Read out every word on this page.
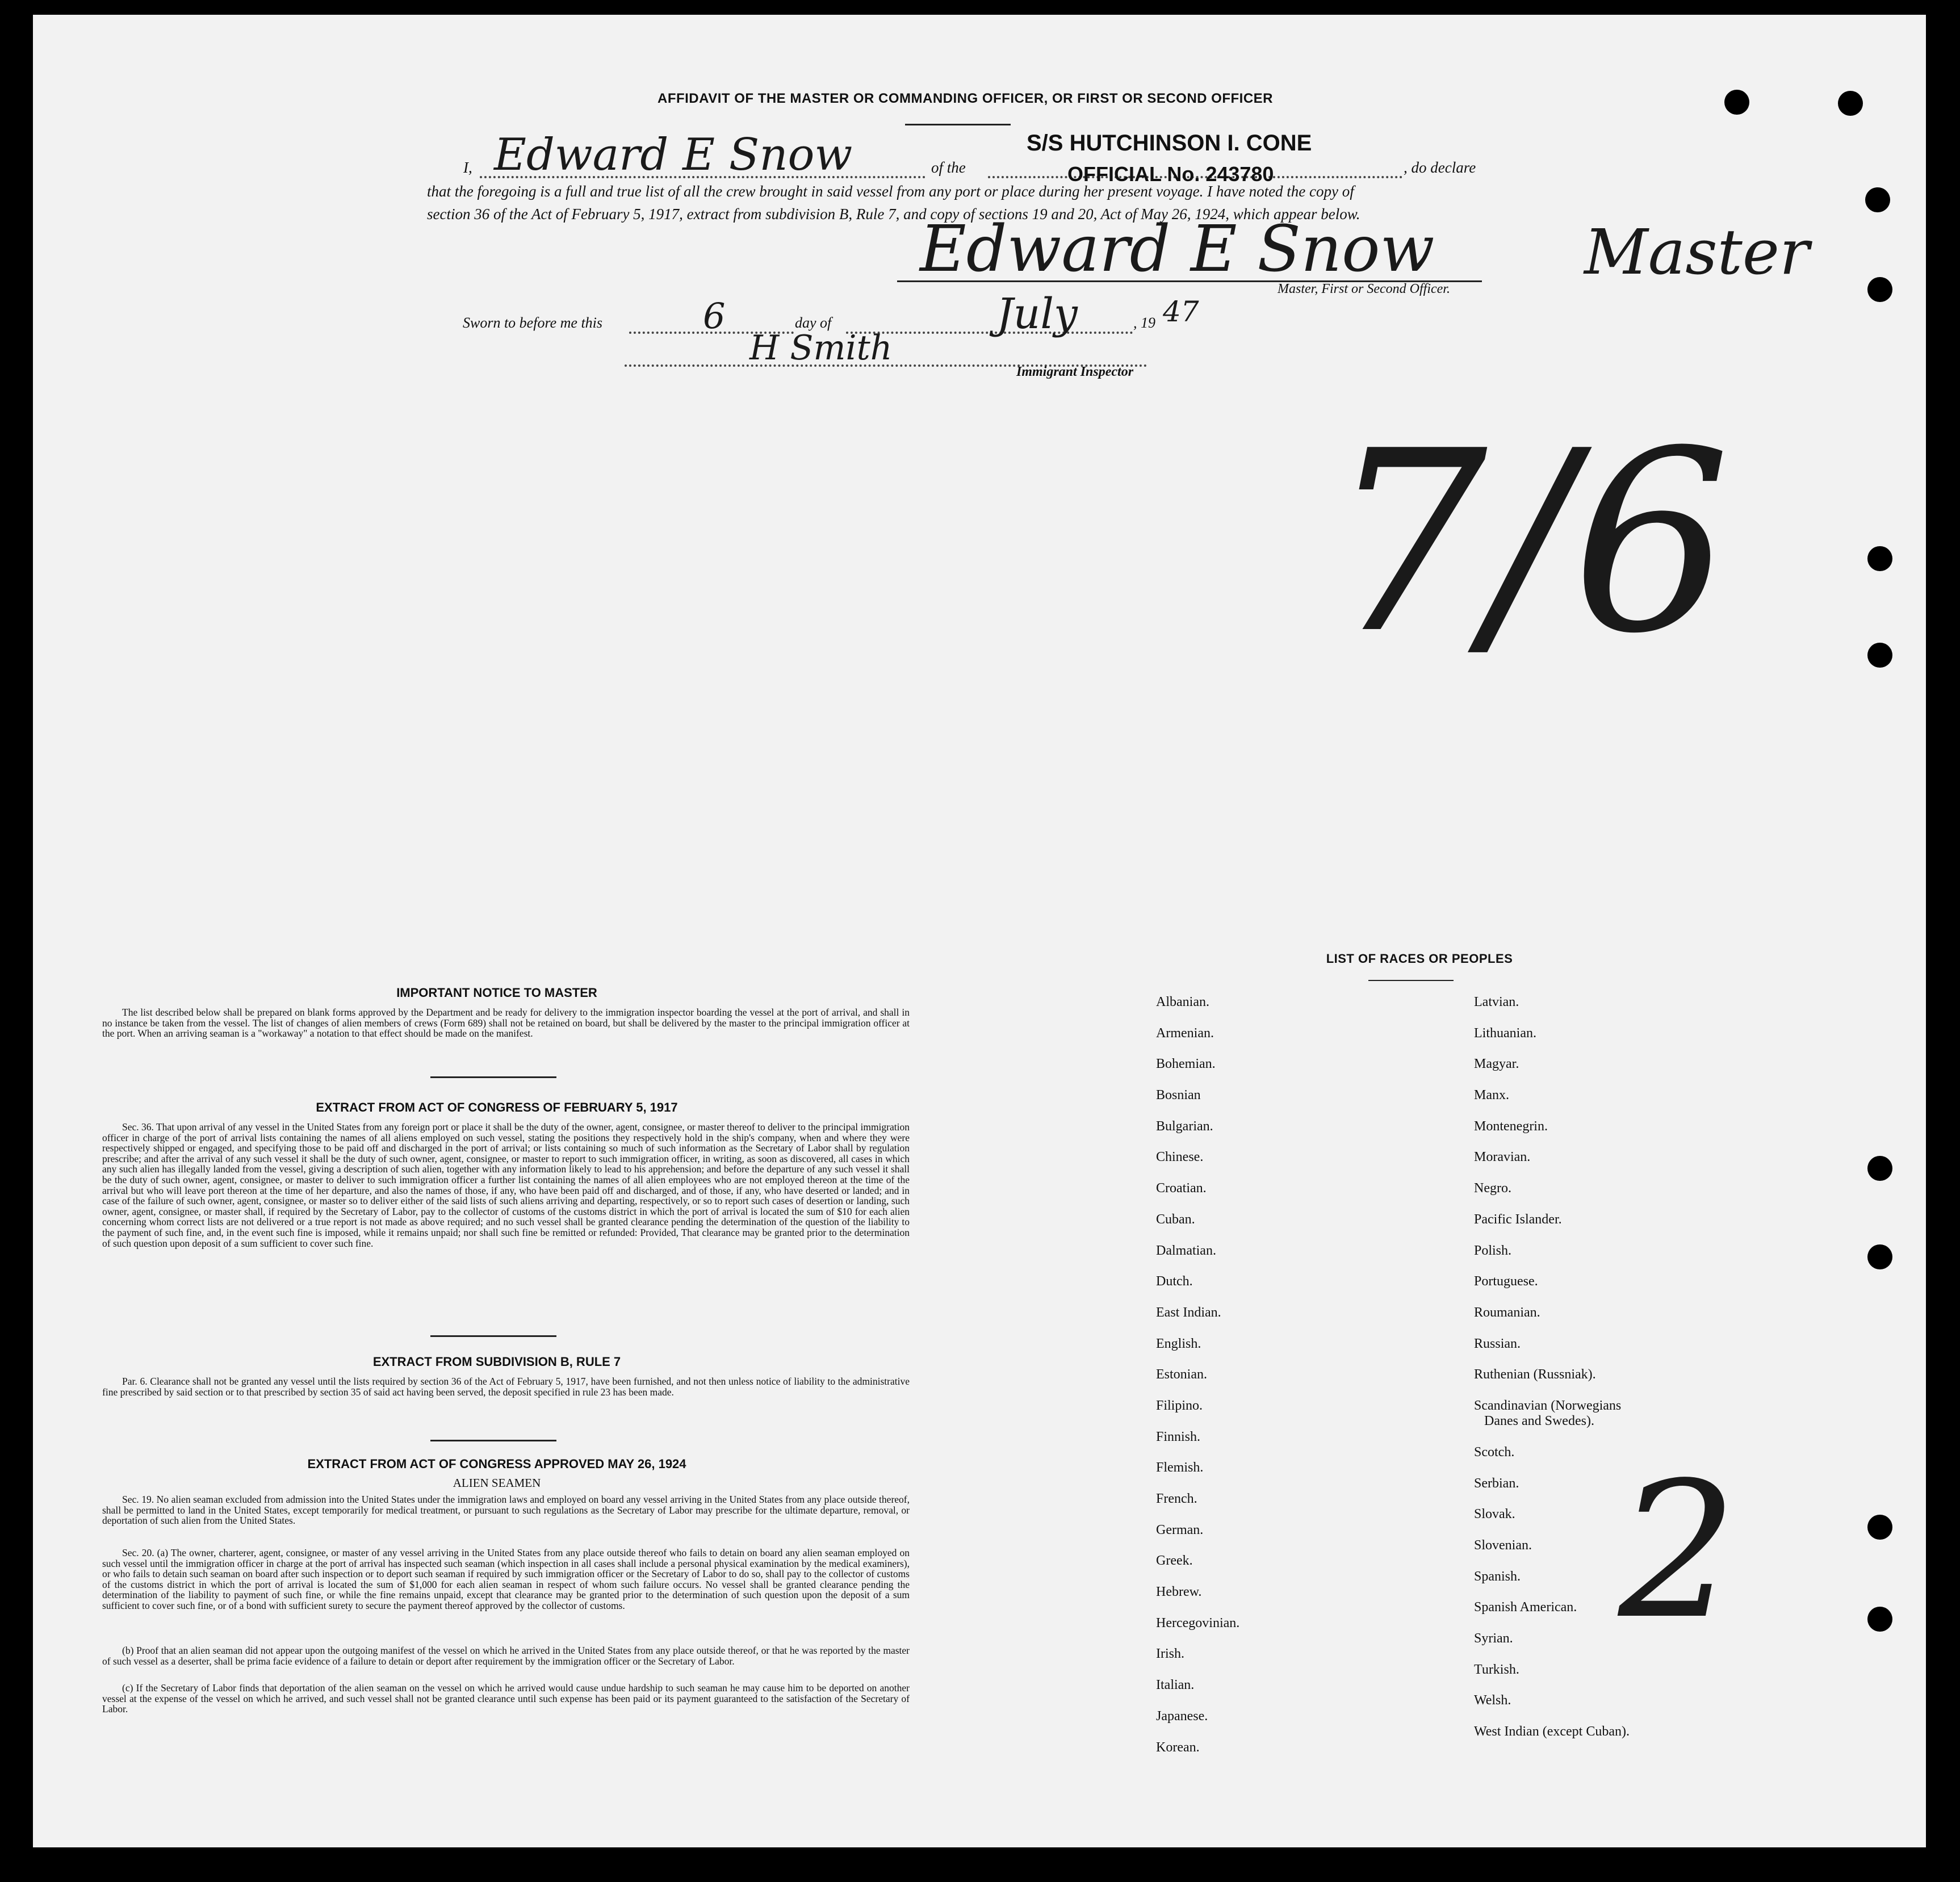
AFFIDAVIT OF THE MASTER OR COMMANDING OFFICER, OR FIRST OR SECOND OFFICER
S/S HUTCHINSON I. CONE
I, Edward E Snow	of the	OFFICIAL No. 243780	, do declare
that the foregoing is a full and true list of all the crew brought in said vessel from any port or place during her present voyage. I have noted the copy of
section 36 of the Act of February 5, 1917, extract from subdivision B, Rule 7, and copy of sections 19 and 20, Act of May 26, 1924, which appear below.
Edward E Snow Master
Master, First or Second Officer.
Sworn to before me this	6	day of	July	, 19 47
H Smith
Immigrant Inspector
7/6
2
IMPORTANT NOTICE TO MASTER
The list described below shall be prepared on blank forms approved by the Department and be ready for delivery to the immigration inspector boarding the vessel at the port of arrival, and shall in no instance be taken from the vessel. The list of changes of alien members of crews (Form 689) shall not be retained on board, but shall be delivered by the master to the principal immigration officer at the port. When an arriving seaman is a "workaway" a notation to that effect should be made on the manifest.
EXTRACT FROM ACT OF CONGRESS OF FEBRUARY 5, 1917
Sec. 36. That upon arrival of any vessel in the United States from any foreign port or place it shall be the duty of the owner, agent, consignee, or master thereof to deliver to the principal immigration officer in charge of the port of arrival lists containing the names of all aliens employed on such vessel, stating the positions they respectively hold in the ship's company, when and where they were respectively shipped or engaged, and specifying those to be paid off and discharged in the port of arrival; or lists containing so much of such information as the Secretary of Labor shall by regulation prescribe; and after the arrival of any such vessel it shall be the duty of such owner, agent, consignee, or master to report to such immigration officer, in writing, as soon as discovered, all cases in which any such alien has illegally landed from the vessel, giving a description of such alien, together with any information likely to lead to his apprehension; and before the departure of any such vessel it shall be the duty of such owner, agent, consignee, or master to deliver to such immigration officer a further list containing the names of all alien employees who are not employed thereon at the time of the arrival but who will leave port thereon at the time of her departure, and also the names of those, if any, who have been paid off and discharged, and of those, if any, who have deserted or landed; and in case of the failure of such owner, agent, consignee, or master so to deliver either of the said lists of such aliens arriving and departing, respectively, or so to report such cases of desertion or landing, such owner, agent, consignee, or master shall, if required by the Secretary of Labor, pay to the collector of customs of the customs district in which the port of arrival is located the sum of $10 for each alien concerning whom correct lists are not delivered or a true report is not made as above required; and no such vessel shall be granted clearance pending the determination of the question of the liability to the payment of such fine, and, in the event such fine is imposed, while it remains unpaid; nor shall such fine be remitted or refunded: Provided, That clearance may be granted prior to the determination of such question upon deposit of a sum sufficient to cover such fine.
EXTRACT FROM SUBDIVISION B, RULE 7
Par. 6. Clearance shall not be granted any vessel until the lists required by section 36 of the Act of February 5, 1917, have been furnished, and not then unless notice of liability to the administrative fine prescribed by said section or to that prescribed by section 35 of said act having been served, the deposit specified in rule 23 has been made.
EXTRACT FROM ACT OF CONGRESS APPROVED MAY 26, 1924
ALIEN SEAMEN
Sec. 19. No alien seaman excluded from admission into the United States under the immigration laws and employed on board any vessel arriving in the United States from any place outside thereof, shall be permitted to land in the United States, except temporarily for medical treatment, or pursuant to such regulations as the Secretary of Labor may prescribe for the ultimate departure, removal, or deportation of such alien from the United States.
Sec. 20. (a) The owner, charterer, agent, consignee, or master of any vessel arriving in the United States from any place outside thereof who fails to detain on board any alien seaman employed on such vessel until the immigration officer in charge at the port of arrival has inspected such seaman (which inspection in all cases shall include a personal physical examination by the medical examiners), or who fails to detain such seaman on board after such inspection or to deport such seaman if required by such immigration officer or the Secretary of Labor to do so, shall pay to the collector of customs of the customs district in which the port of arrival is located the sum of $1,000 for each alien seaman in respect of whom such failure occurs. No vessel shall be granted clearance pending the determination of the liability to payment of such fine, or while the fine remains unpaid, except that clearance may be granted prior to the determination of such question upon the deposit of a sum sufficient to cover such fine, or of a bond with sufficient surety to secure the payment thereof approved by the collector of customs.
(b) Proof that an alien seaman did not appear upon the outgoing manifest of the vessel on which he arrived in the United States from any place outside thereof, or that he was reported by the master of such vessel as a deserter, shall be prima facie evidence of a failure to detain or deport after requirement by the immigration officer or the Secretary of Labor.
(c) If the Secretary of Labor finds that deportation of the alien seaman on the vessel on which he arrived would cause undue hardship to such seaman he may cause him to be deported on another vessel at the expense of the vessel on which he arrived, and such vessel shall not be granted clearance until such expense has been paid or its payment guaranteed to the satisfaction of the Secretary of Labor.
LIST OF RACES OR PEOPLES
Albanian.
Armenian.
Bohemian.
Bosnian
Bulgarian.
Chinese.
Croatian.
Cuban.
Dalmatian.
Dutch.
East Indian.
English.
Estonian.
Filipino.
Finnish.
Flemish.
French.
German.
Greek.
Hebrew.
Hercegovinian.
Irish.
Italian.
Japanese.
Korean.
Latvian.
Lithuanian.
Magyar.
Manx.
Montenegrin.
Moravian.
Negro.
Pacific Islander.
Polish.
Portuguese.
Roumanian.
Russian.
Ruthenian (Russniak).
Scandinavian (Norwegians
Danes and Swedes).
Scotch.
Serbian.
Slovak.
Slovenian.
Spanish.
Spanish American.
Syrian.
Turkish.
Welsh.
West Indian (except Cuban).
